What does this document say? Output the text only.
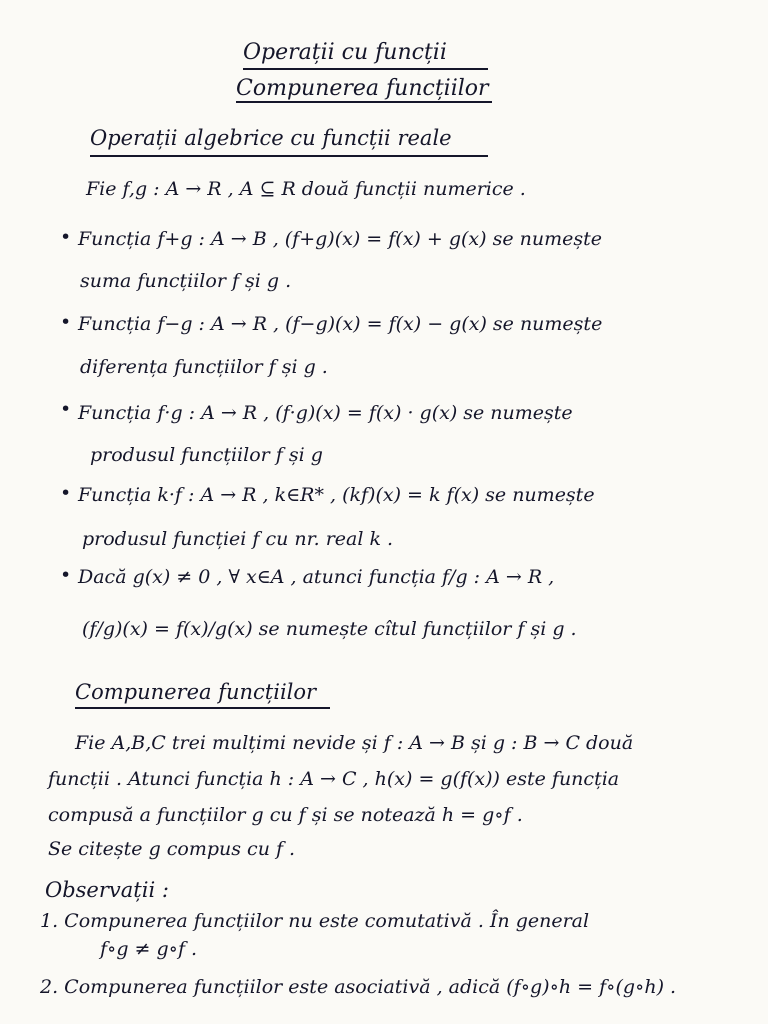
Operații cu funcții
Compunerea funcțiilor
Operații algebrice cu funcții reale
Fie f,g : A → R , A ⊆ R două funcții numerice .
• Funcția f+g : A → B , (f+g)(x) = f(x) + g(x) se numește
suma funcțiilor f și g .
• Funcția f−g : A → R , (f−g)(x) = f(x) − g(x) se numește
diferența funcțiilor f și g .
• Funcția f·g : A → R , (f·g)(x) = f(x) · g(x) se numește
produsul funcțiilor f și g
• Funcția k·f : A → R , k∈R* , (kf)(x) = k f(x) se numește
produsul funcției f cu nr. real k .
• Dacă g(x) ≠ 0 , ∀ x∈A , atunci funcția f/g : A → R ,
(f/g)(x) = f(x)/g(x) se numește cîtul funcțiilor f și g .
Compunerea funcțiilor
Fie A,B,C trei mulțimi nevide și f : A → B și g : B → C două
funcții . Atunci funcția h : A → C , h(x) = g(f(x)) este funcția
compusă a funcțiilor g cu f și se notează h = g∘f .
Se citește g compus cu f .
Observații :
1. Compunerea funcțiilor nu este comutativă . În general
f∘g ≠ g∘f .
2. Compunerea funcțiilor este asociativă , adică (f∘g)∘h = f∘(g∘h) .
